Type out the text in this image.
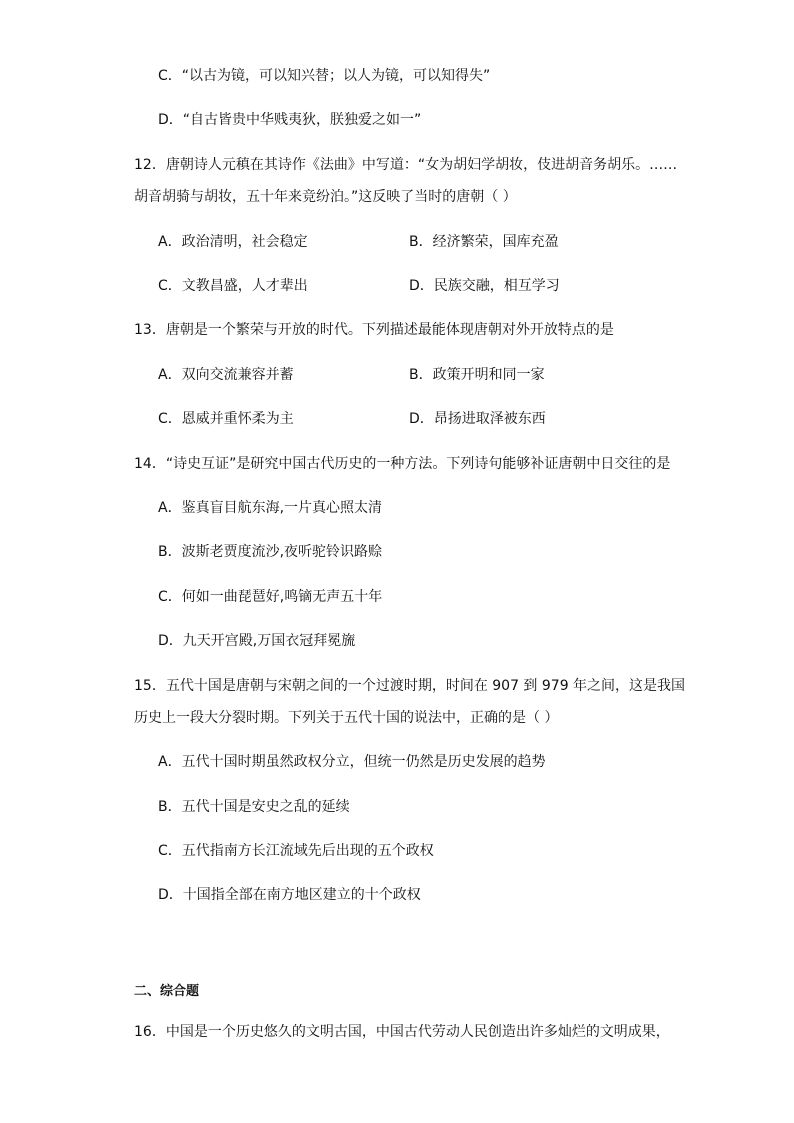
C．“以古为镜，可以知兴替；以人为镜，可以知得失”
D．“自古皆贵中华贱夷狄，朕独爱之如一”
12．唐朝诗人元稹在其诗作《法曲》中写道：“女为胡妇学胡妆，伎进胡音务胡乐。……
胡音胡骑与胡妆，五十年来竞纷泊。”这反映了当时的唐朝（ ）
A．政治清明，社会稳定	B．经济繁荣，国库充盈
C．文教昌盛，人才辈出	D．民族交融，相互学习
13．唐朝是一个繁荣与开放的时代。下列描述最能体现唐朝对外开放特点的是
A．双向交流兼容并蓄	B．政策开明和同一家
C．恩威并重怀柔为主	D．昂扬进取泽被东西
14．“诗史互证”是研究中国古代历史的一种方法。下列诗句能够补证唐朝中日交往的是
A．鉴真盲目航东海,一片真心照太清
B．波斯老贾度流沙,夜听驼铃识路赊
C．何如一曲琵琶好,鸣镝无声五十年
D．九天开宫殿,万国衣冠拜冕旒
15．五代十国是唐朝与宋朝之间的一个过渡时期，时间在 907 到 979 年之间，这是我国
历史上一段大分裂时期。下列关于五代十国的说法中，正确的是（ ）
A．五代十国时期虽然政权分立，但统一仍然是历史发展的趋势
B．五代十国是安史之乱的延续
C．五代指南方长江流域先后出现的五个政权
D．十国指全部在南方地区建立的十个政权
二、综合题
16．中国是一个历史悠久的文明古国，中国古代劳动人民创造出许多灿烂的文明成果，
